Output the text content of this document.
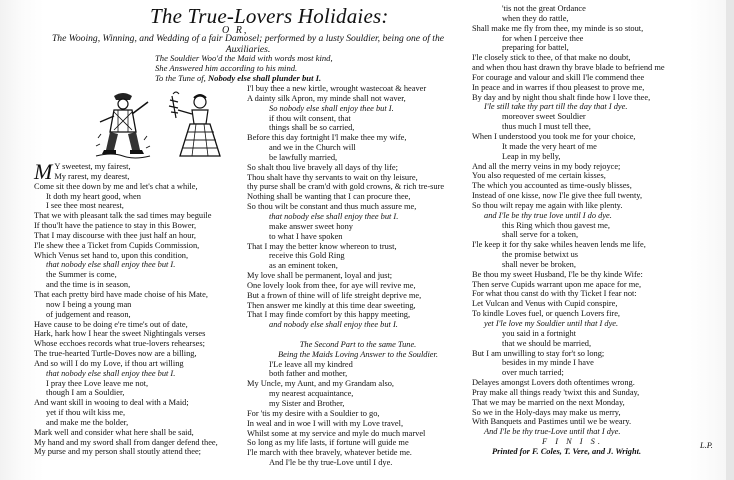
The True-Lovers Holidaies:
O R,
The Wooing, Winning, and Wedding of a fair Damosel; performed by a lusty Souldier, being one of the
Auxiliaries.
The Souldier Woo'd the Maid with words most kind,
She Answered him according to his mind.
To the Tune of, Nobody else shall plunder but I.
M Y sweetest, my fairest,
My rarest, my dearest,
Come sit thee down by me and let's chat a while,
It doth my heart good, when
I see thee most nearest,
That we with pleasant talk the sad times may beguile
If thou'lt have the patience to stay in this Bower,
That I may discourse with thee just half an hour,
I'le shew thee a Ticket from Cupids Commission,
Which Venus set hand to, upon this condition,
that nobody else shall enjoy thee but I.
the Summer is come,
and the time is in season,
That each pretty bird have made choise of his Mate,
now I being a young man
of judgement and reason,
Have cause to be doing e're time's out of date,
Hark, hark how I hear the sweet Nightingals verses
Whose ecchoes records what true-lovers rehearses;
The true-hearted Turtle-Doves now are a billing,
And so will I do my Love, if thou art willing
that nobody else shall enjoy thee but I.
I pray thee Love leave me not,
though I am a Souldier,
And want skill in wooing to deal with a Maid;
yet if thou wilt kiss me,
and make me the bolder,
Mark well and consider what here shall be said,
My hand and my sword shall from danger defend thee,
My purse and my person shall stoutly attend thee;
I'l buy thee a new kirtle, wrought wastecoat & heaver
A dainty silk Apron, my minde shall not waver,
So nobody else shall enjoy thee but I.
if thou wilt consent, that
things shall be so carried,
Before this day fortnight I'l make thee my wife,
and we in the Church will
be lawfully married,
So shalt thou live bravely all days of thy life;
Thou shalt have thy servants to wait on thy leisure,
thy purse shall be cram'd with gold crowns, & rich tre-sure
Nothing shall be wanting that I can procure thee,
So thou wilt be constant and thus much assure me,
that nobody else shall enjoy thee but I.
make answer sweet hony
to what I have spoken
That I may the better know whereon to trust,
receive this Gold Ring
as an eminent token,
My love shall be permanent, loyal and just;
One lovely look from thee, for aye will revive me,
But a frown of thine will of life streight deprive me,
Then answer me kindly at this time dear sweeting,
That I may finde comfort by this happy meeting,
and nobody else shall enjoy thee but I.

The Second Part to the same Tune.
Being the Maids Loving Answer to the Souldier.
I'Le leave all my kindred
both father and mother,
My Uncle, my Aunt, and my Grandam also,
my nearest acquaintance,
my Sister and Brother,
For 'tis my desire with a Souldier to go,
In weal and in woe I will with my Love travel,
Whilst some at my service and myle do much marvel
So long as my life lasts, if fortune will guide me
I'le march with thee bravely, whatever betide me.
And I'le be thy true-Love until I dye.
'tis not the great Ordance
when they do rattle,
Shall make me fly from thee, my minde is so stout,
for when I perceive thee
preparing for battel,
I'le closely stick to thee, of that make no doubt,
and when thou hast drawn thy brave blade to befriend me
For courage and valour and skill I'le commend thee
In peace and in warres if thou pleasest to prove me,
By day and by night thou shalt finde how I love thee,
I'le still take thy part till the day that I dye.
moreover sweet Souldier
thus much I must tell thee,
When I understood you took me for your choice,
It made the very heart of me
Leap in my belly,
And all the merry veins in my body rejoyce;
You also requested of me certain kisses,
The which you accounted as time-ously blisses,
Instead of one kisse, now I'le give thee full twenty,
So thou wilt repay me again with like plenty.
and I'le be thy true love until I do dye.
this Ring which thou gavest me,
shall serve for a token,
I'le keep it for thy sake whiles heaven lends me life,
the promise betwixt us
shall never be broken,
Be thou my sweet Husband, I'le be thy kinde Wife:
Then serve Cupids warrant upon me apace for me,
For what thou canst do with thy Ticket I fear not:
Let Vulcan and Venus with Cupid conspire,
To kindle Loves fuel, or quench Lovers fire,
yet I'le love my Souldier until that I dye.
you said in a fortnight
that we should be married,
But I am unwilling to stay for't so long;
besides in my minde I have
over much tarried;
Delayes amongst Lovers doth oftentimes wrong.
Pray make all things ready 'twixt this and Sunday,
That we may be married on the next Monday,
So we in the Holy-days may make us merry,
With Banquets and Pastimes until we be weary.
And I'le be thy true-Love until that I dye.
F I N I S.
Printed for F. Coles, T. Vere, and J. Wright.
L.P.
